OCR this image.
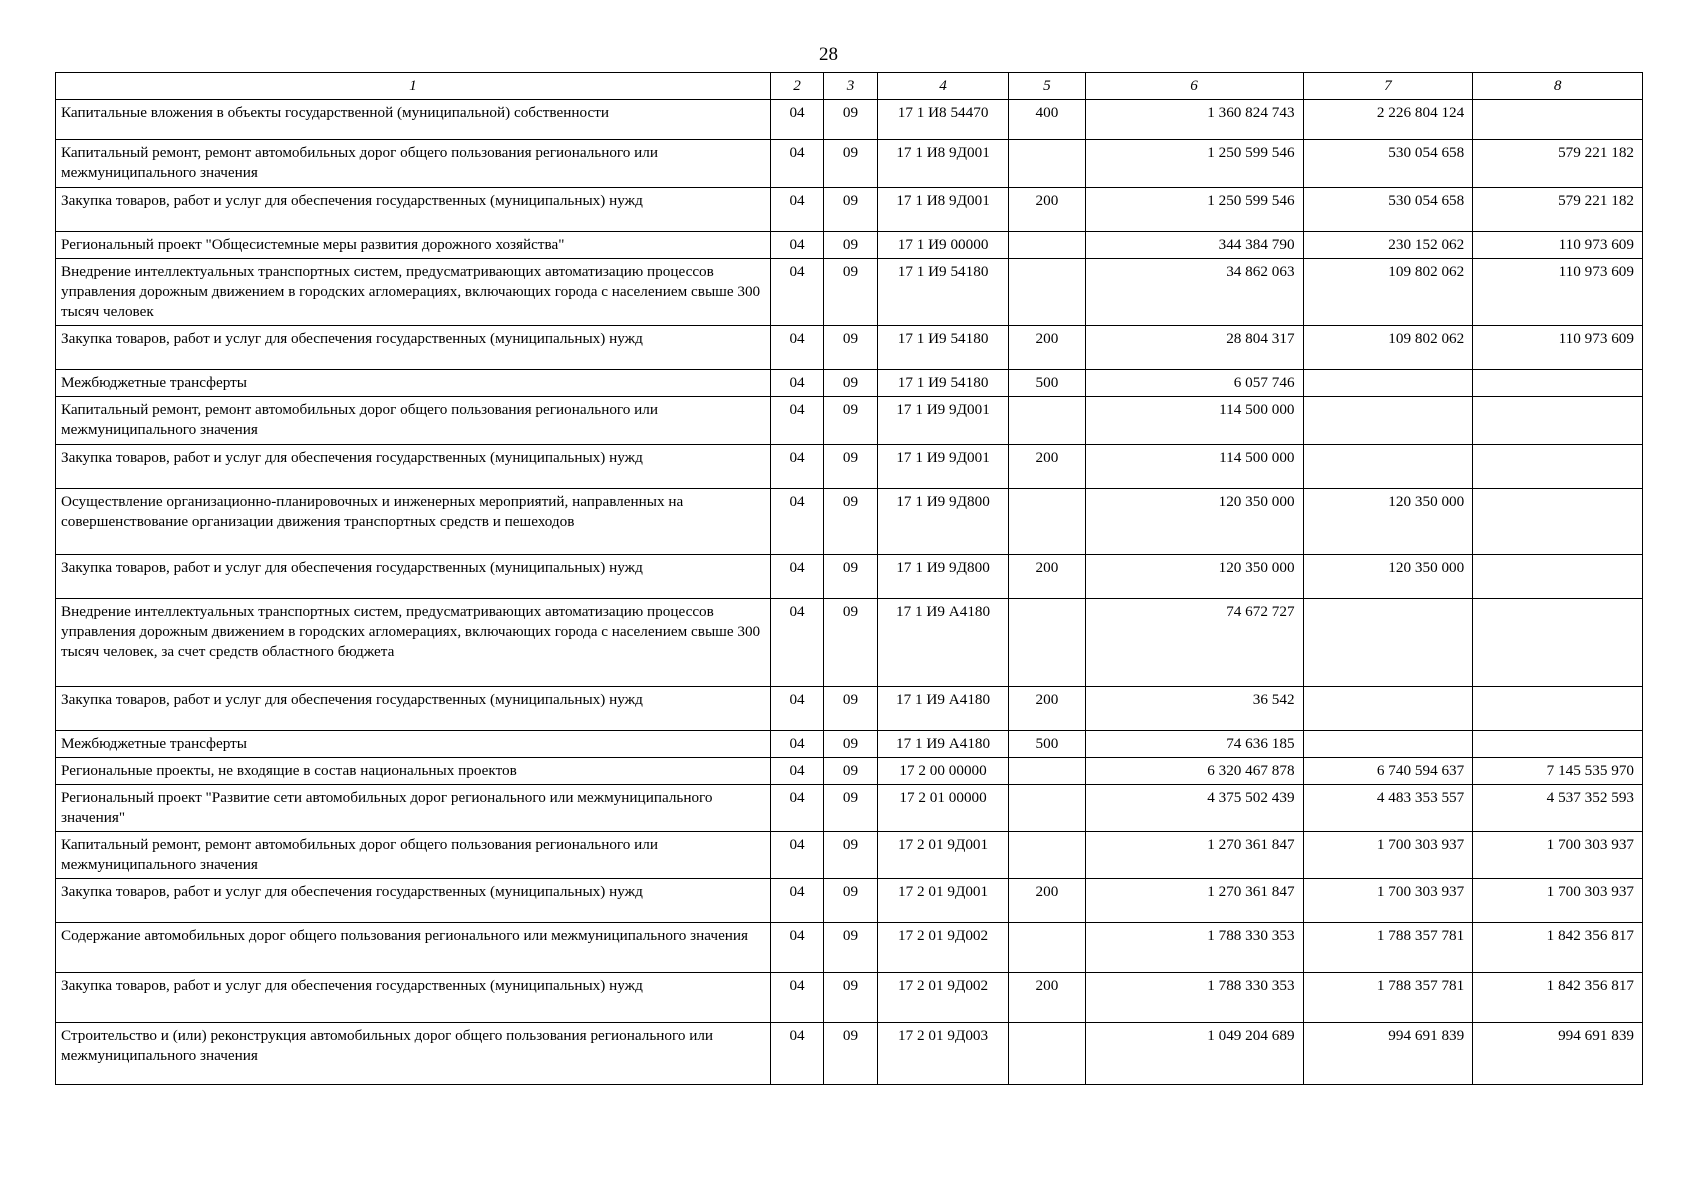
28
1	2	3	4	5	6	7	8
Капитальные вложения в объекты государственной (муниципальной) собственности	04	09	17 1 И8 54470	400	1 360 824 743	2 226 804 124	
Капитальный ремонт, ремонт автомобильных дорог общего пользования регионального или межмуниципального значения	04	09	17 1 И8 9Д001		1 250 599 546	530 054 658	579 221 182
Закупка товаров, работ и услуг для обеспечения государственных (муниципальных) нужд	04	09	17 1 И8 9Д001	200	1 250 599 546	530 054 658	579 221 182
Региональный проект "Общесистемные меры развития дорожного хозяйства"	04	09	17 1 И9 00000		344 384 790	230 152 062	110 973 609
Внедрение интеллектуальных транспортных систем, предусматривающих автоматизацию процессов управления дорожным движением в городских агломерациях, включающих города с населением свыше 300 тысяч человек	04	09	17 1 И9 54180		34 862 063	109 802 062	110 973 609
Закупка товаров, работ и услуг для обеспечения государственных (муниципальных) нужд	04	09	17 1 И9 54180	200	28 804 317	109 802 062	110 973 609
Межбюджетные трансферты	04	09	17 1 И9 54180	500	6 057 746		
Капитальный ремонт, ремонт автомобильных дорог общего пользования регионального или межмуниципального значения	04	09	17 1 И9 9Д001		114 500 000		
Закупка товаров, работ и услуг для обеспечения государственных (муниципальных) нужд	04	09	17 1 И9 9Д001	200	114 500 000		
Осуществление организационно-планировочных и инженерных мероприятий, направленных на совершенствование организации движения транспортных средств и пешеходов	04	09	17 1 И9 9Д800		120 350 000	120 350 000	
Закупка товаров, работ и услуг для обеспечения государственных (муниципальных) нужд	04	09	17 1 И9 9Д800	200	120 350 000	120 350 000	
Внедрение интеллектуальных транспортных систем, предусматривающих автоматизацию процессов управления дорожным движением в городских агломерациях, включающих города с населением свыше 300 тысяч человек, за счет средств областного бюджета	04	09	17 1 И9 А4180		74 672 727		
Закупка товаров, работ и услуг для обеспечения государственных (муниципальных) нужд	04	09	17 1 И9 А4180	200	36 542		
Межбюджетные трансферты	04	09	17 1 И9 А4180	500	74 636 185		
Региональные проекты, не входящие в состав национальных проектов	04	09	17 2 00 00000		6 320 467 878	6 740 594 637	7 145 535 970
Региональный проект "Развитие сети автомобильных дорог регионального или межмуниципального значения"	04	09	17 2 01 00000		4 375 502 439	4 483 353 557	4 537 352 593
Капитальный ремонт, ремонт автомобильных дорог общего пользования регионального или межмуниципального значения	04	09	17 2 01 9Д001		1 270 361 847	1 700 303 937	1 700 303 937
Закупка товаров, работ и услуг для обеспечения государственных (муниципальных) нужд	04	09	17 2 01 9Д001	200	1 270 361 847	1 700 303 937	1 700 303 937
Содержание автомобильных дорог общего пользования регионального или межмуниципального значения	04	09	17 2 01 9Д002		1 788 330 353	1 788 357 781	1 842 356 817
Закупка товаров, работ и услуг для обеспечения государственных (муниципальных) нужд	04	09	17 2 01 9Д002	200	1 788 330 353	1 788 357 781	1 842 356 817
Строительство и (или) реконструкция автомобильных дорог общего пользования регионального или межмуниципального значения	04	09	17 2 01 9Д003		1 049 204 689	994 691 839	994 691 839
